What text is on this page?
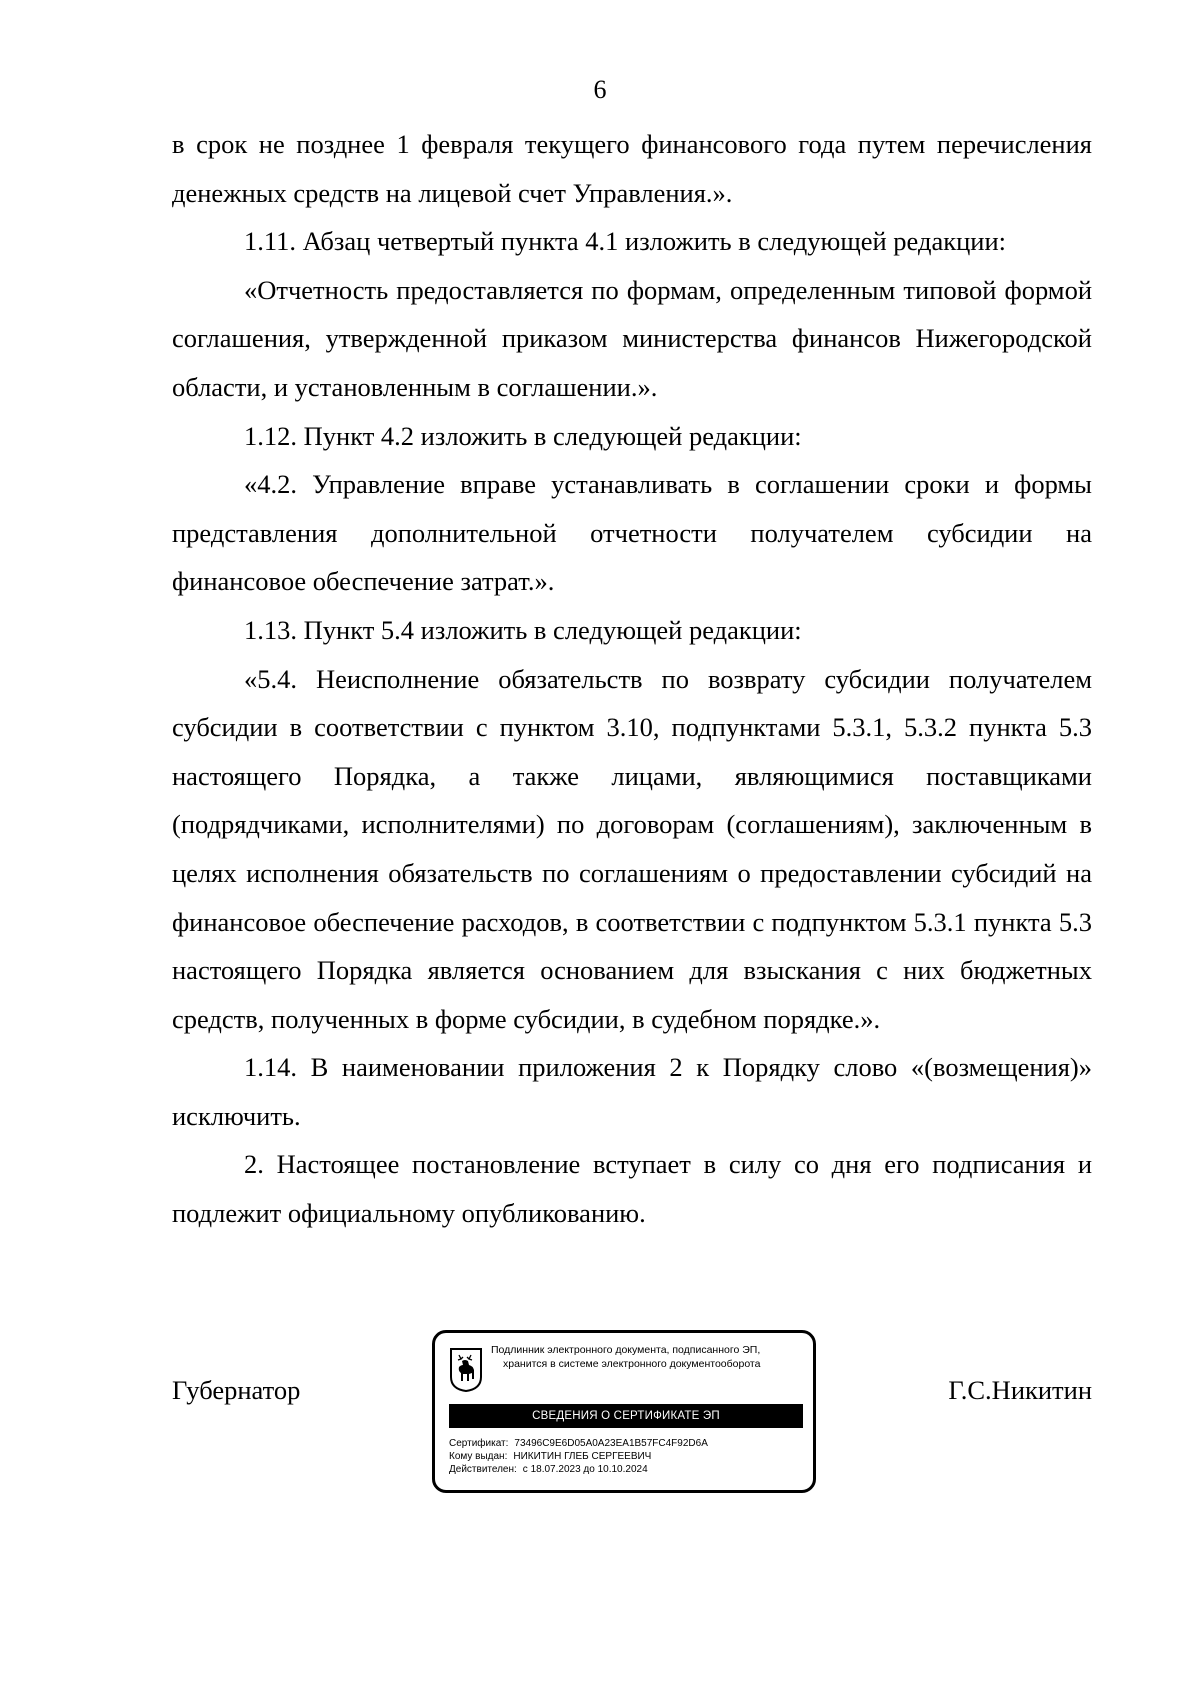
6

в срок не позднее 1 февраля текущего финансового года путем перечисления денежных средств на лицевой счет Управления.».

1.11. Абзац четвертый пункта 4.1 изложить в следующей редакции:

«Отчетность предоставляется по формам, определенным типовой формой соглашения, утвержденной приказом министерства финансов Нижегородской области, и установленным в соглашении.».

1.12. Пункт 4.2 изложить в следующей редакции:

«4.2. Управление вправе устанавливать в соглашении сроки и формы представления дополнительной отчетности получателем субсидии на финансовое обеспечение затрат.».

1.13. Пункт 5.4 изложить в следующей редакции:

«5.4. Неисполнение обязательств по возврату субсидии получателем субсидии в соответствии с пунктом 3.10, подпунктами 5.3.1, 5.3.2 пункта 5.3 настоящего Порядка, а также лицами, являющимися поставщиками (подрядчиками, исполнителями) по договорам (соглашениям), заключенным в целях исполнения обязательств по соглашениям о предоставлении субсидий на финансовое обеспечение расходов, в соответствии с подпунктом 5.3.1 пункта 5.3 настоящего Порядка является основанием для взыскания с них бюджетных средств, полученных в форме субсидии, в судебном порядке.».

1.14. В наименовании приложения 2 к Порядку слово «(возмещения)» исключить.

2. Настоящее постановление вступает в силу со дня его подписания и подлежит официальному опубликованию.

Губернатор
Подлинник электронного документа, подписанного ЭП,
хранится в системе электронного документооборота
СВЕДЕНИЯ О СЕРТИФИКАТЕ ЭП
Сертификат: 73496C9E6D05A0A23EA1B57FC4F92D6A
Кому выдан: НИКИТИН ГЛЕБ СЕРГЕЕВИЧ
Действителен: с 18.07.2023 до 10.10.2024
Г.С.Никитин
